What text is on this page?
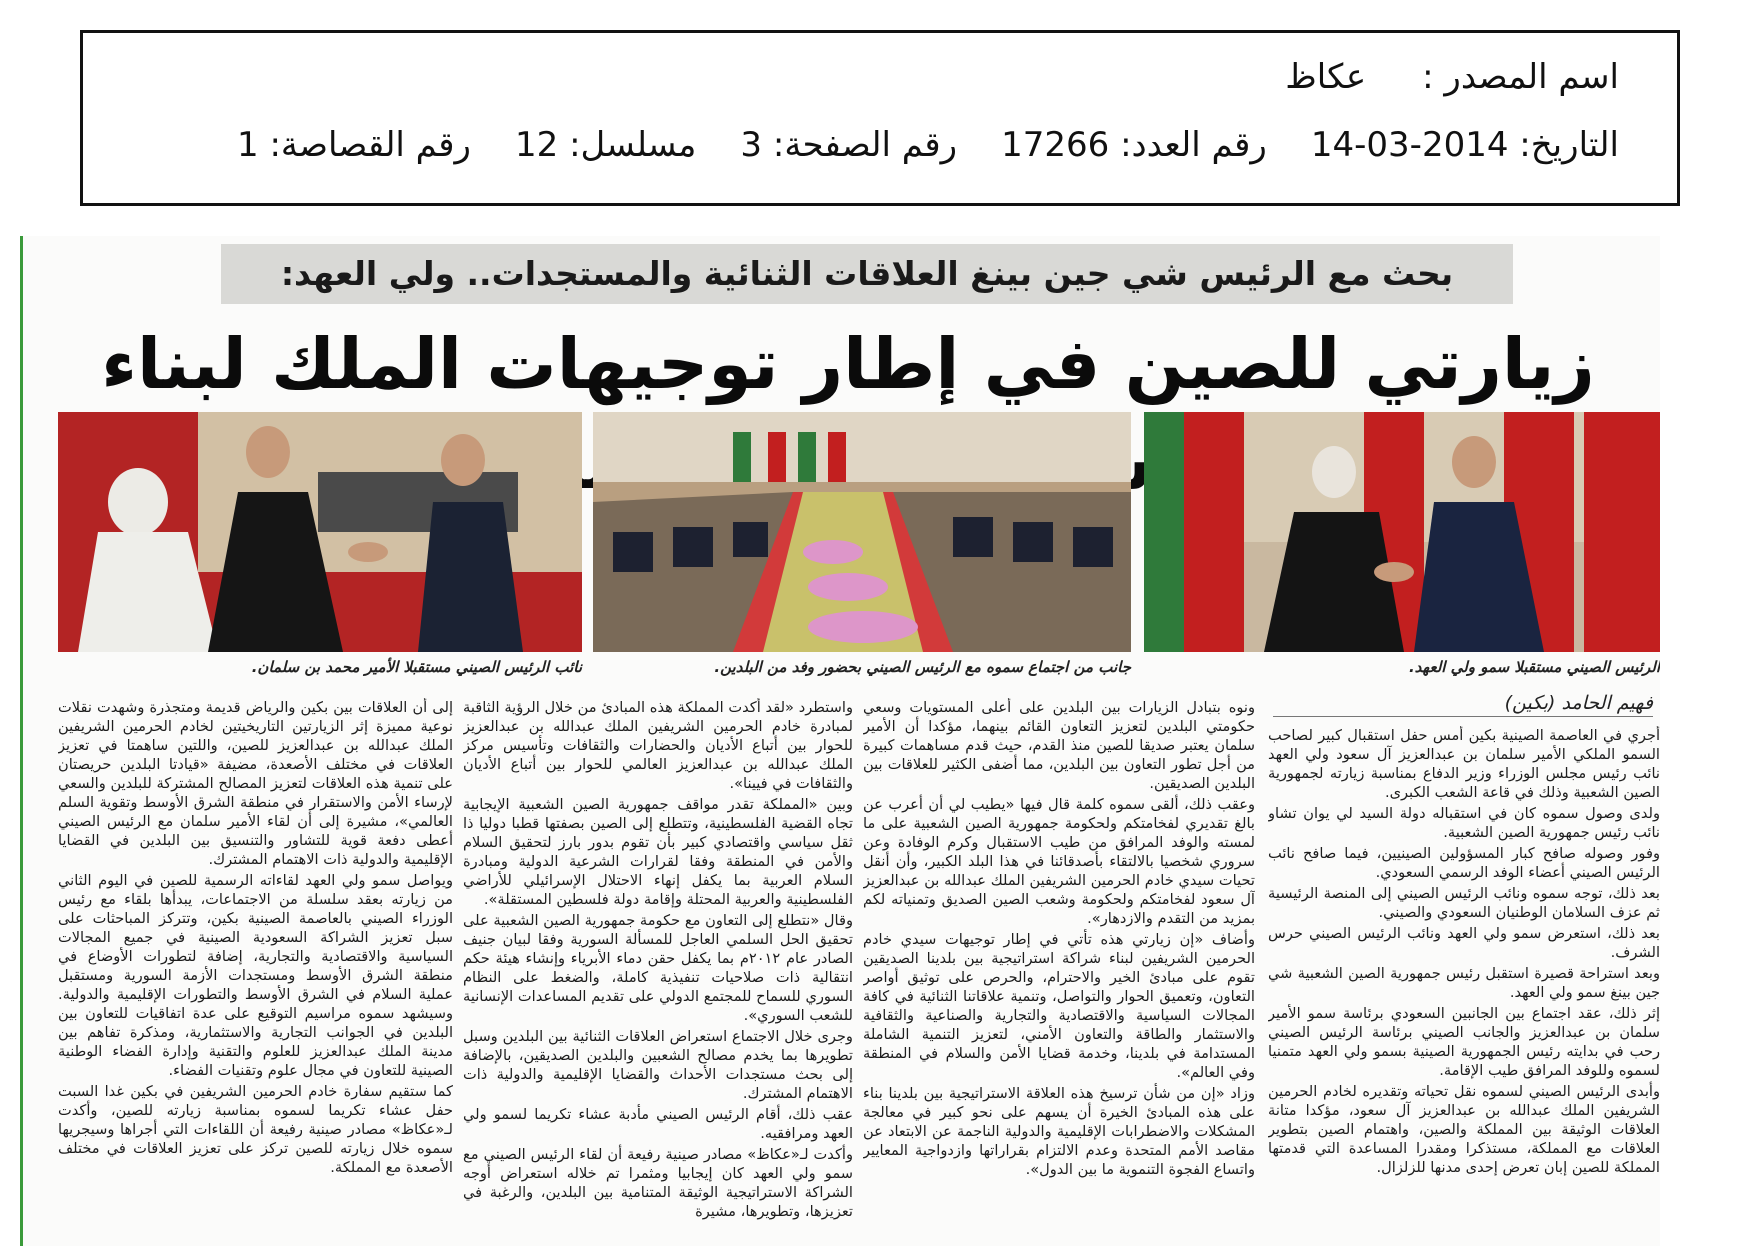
اسم المصدر :عكاظ
التاريخ: 2014-03-14رقم العدد: 17266رقم الصفحة: 3مسلسل: 12رقم القصاصة: 1
بحث مع الرئيس شي جين بينغ العلاقات الثنائية والمستجدات.. ولي العهد:
زيارتي للصين في إطار توجيهات الملك لبناء
الرئيس الصيني مستقبلا سمو ولي العهد.
جانب من اجتماع سموه مع الرئيس الصيني بحضور وفد من البلدين.
نائب الرئيس الصيني مستقبلا الأمير محمد بن سلمان.
فهيم الحامد (بكين)

أجري في العاصمة الصينية بكين أمس حفل استقبال كبير لصاحب السمو الملكي الأمير سلمان بن عبدالعزيز آل سعود ولي العهد نائب رئيس مجلس الوزراء وزير الدفاع بمناسبة زيارته لجمهورية الصين الشعبية وذلك في قاعة الشعب الكبرى.

ولدى وصول سموه كان في استقباله دولة السيد لي يوان تشاو نائب رئيس جمهورية الصين الشعبية.

وفور وصوله صافح كبار المسؤولين الصينيين، فيما صافح نائب الرئيس الصيني أعضاء الوفد الرسمي السعودي.

بعد ذلك، توجه سموه ونائب الرئيس الصيني إلى المنصة الرئيسية ثم عزف السلامان الوطنيان السعودي والصيني.

بعد ذلك، استعرض سمو ولي العهد ونائب الرئيس الصيني حرس الشرف.

وبعد استراحة قصيرة استقبل رئيس جمهورية الصين الشعبية شي جين بينغ سمو ولي العهد.

إثر ذلك، عقد اجتماع بين الجانبين السعودي برئاسة سمو الأمير سلمان بن عبدالعزيز والجانب الصيني برئاسة الرئيس الصيني رحب في بدايته رئيس الجمهورية الصينية بسمو ولي العهد متمنيا لسموه وللوفد المرافق طيب الإقامة.

وأبدى الرئيس الصيني لسموه نقل تحياته وتقديره لخادم الحرمين الشريفين الملك عبدالله بن عبدالعزيز آل سعود، مؤكدا متانة العلاقات الوثيقة بين المملكة والصين، واهتمام الصين بتطوير العلاقات مع المملكة، مستذكرا ومقدرا المساعدة التي قدمتها المملكة للصين إبان تعرض إحدى مدنها للزلزال.

ونوه بتبادل الزيارات بين البلدين على أعلى المستويات وسعي حكومتي البلدين لتعزيز التعاون القائم بينهما، مؤكدا أن الأمير سلمان يعتبر صديقا للصين منذ القدم، حيث قدم مساهمات كبيرة من أجل تطور التعاون بين البلدين، مما أضفى الكثير للعلاقات بين البلدين الصديقين.

وعقب ذلك، ألقى سموه كلمة قال فيها «يطيب لي أن أعرب عن بالغ تقديري لفخامتكم ولحكومة جمهورية الصين الشعبية على ما لمسته والوفد المرافق من طيب الاستقبال وكرم الوفادة وعن سروري شخصيا بالالتقاء بأصدقائنا في هذا البلد الكبير، وأن أنقل تحيات سيدي خادم الحرمين الشريفين الملك عبدالله بن عبدالعزيز آل سعود لفخامتكم ولحكومة وشعب الصين الصديق وتمنياته لكم بمزيد من التقدم والازدهار».

وأضاف «إن زيارتي هذه تأتي في إطار توجيهات سيدي خادم الحرمين الشريفين لبناء شراكة استراتيجية بين بلدينا الصديقين تقوم على مبادئ الخير والاحترام، والحرص على توثيق أواصر التعاون، وتعميق الحوار والتواصل، وتنمية علاقاتنا الثنائية في كافة المجالات السياسية والاقتصادية والتجارية والصناعية والثقافية والاستثمار والطاقة والتعاون الأمني، لتعزيز التنمية الشاملة المستدامة في بلدينا، وخدمة قضايا الأمن والسلام في المنطقة وفي العالم».

وزاد «إن من شأن ترسيخ هذه العلاقة الاستراتيجية بين بلدينا بناء على هذه المبادئ الخيرة أن يسهم على نحو كبير في معالجة المشكلات والاضطرابات الإقليمية والدولية الناجمة عن الابتعاد عن مقاصد الأمم المتحدة وعدم الالتزام بقراراتها وازدواجية المعايير واتساع الفجوة التنموية ما بين الدول».

واستطرد «لقد أكدت المملكة هذه المبادئ من خلال الرؤية الثاقبة لمبادرة خادم الحرمين الشريفين الملك عبدالله بن عبدالعزيز للحوار بين أتباع الأديان والحضارات والثقافات وتأسيس مركز الملك عبدالله بن عبدالعزيز العالمي للحوار بين أتباع الأديان والثقافات في فيينا».

وبين «المملكة تقدر مواقف جمهورية الصين الشعبية الإيجابية تجاه القضية الفلسطينية، وتتطلع إلى الصين بصفتها قطبا دوليا ذا ثقل سياسي واقتصادي كبير بأن تقوم بدور بارز لتحقيق السلام والأمن في المنطقة وفقا لقرارات الشرعية الدولية ومبادرة السلام العربية بما يكفل إنهاء الاحتلال الإسرائيلي للأراضي الفلسطينية والعربية المحتلة وإقامة دولة فلسطين المستقلة».

وقال «نتطلع إلى التعاون مع حكومة جمهورية الصين الشعبية على تحقيق الحل السلمي العاجل للمسألة السورية وفقا لبيان جنيف الصادر عام ٢٠١٢م بما يكفل حقن دماء الأبرياء وإنشاء هيئة حكم انتقالية ذات صلاحيات تنفيذية كاملة، والضغط على النظام السوري للسماح للمجتمع الدولي على تقديم المساعدات الإنسانية للشعب السوري».

وجرى خلال الاجتماع استعراض العلاقات الثنائية بين البلدين وسبل تطويرها بما يخدم مصالح الشعبين والبلدين الصديقين، بالإضافة إلى بحث مستجدات الأحداث والقضايا الإقليمية والدولية ذات الاهتمام المشترك.

عقب ذلك، أقام الرئيس الصيني مأدبة عشاء تكريما لسمو ولي العهد ومرافقيه.

وأكدت لـ«عكاظ» مصادر صينية رفيعة أن لقاء الرئيس الصيني مع سمو ولي العهد كان إيجابيا ومثمرا تم خلاله استعراض أوجه الشراكة الاستراتيجية الوثيقة المتنامية بين البلدين، والرغبة في تعزيزها، وتطويرها، مشيرة

إلى أن العلاقات بين بكين والرياض قديمة ومتجذرة وشهدت نقلات نوعية مميزة إثر الزيارتين التاريخيتين لخادم الحرمين الشريفين الملك عبدالله بن عبدالعزيز للصين، واللتين ساهمتا في تعزيز العلاقات في مختلف الأصعدة، مضيفة «قيادتا البلدين حريصتان على تنمية هذه العلاقات لتعزيز المصالح المشتركة للبلدين والسعي لإرساء الأمن والاستقرار في منطقة الشرق الأوسط وتقوية السلم العالمي»، مشيرة إلى أن لقاء الأمير سلمان مع الرئيس الصيني أعطى دفعة قوية للتشاور والتنسيق بين البلدين في القضايا الإقليمية والدولية ذات الاهتمام المشترك.

ويواصل سمو ولي العهد لقاءاته الرسمية للصين في اليوم الثاني من زيارته بعقد سلسلة من الاجتماعات، يبدأها بلقاء مع رئيس الوزراء الصيني بالعاصمة الصينية بكين، وتتركز المباحثات على سبل تعزيز الشراكة السعودية الصينية في جميع المجالات السياسية والاقتصادية والتجارية، إضافة لتطورات الأوضاع في منطقة الشرق الأوسط ومستجدات الأزمة السورية ومستقبل عملية السلام في الشرق الأوسط والتطورات الإقليمية والدولية. وسيشهد سموه مراسيم التوقيع على عدة اتفاقيات للتعاون بين البلدين في الجوانب التجارية والاستثمارية، ومذكرة تفاهم بين مدينة الملك عبدالعزيز للعلوم والتقنية وإدارة الفضاء الوطنية الصينية للتعاون في مجال علوم وتقنيات الفضاء.

كما ستقيم سفارة خادم الحرمين الشريفين في بكين غدا السبت حفل عشاء تكريما لسموه بمناسبة زيارته للصين، وأكدت لـ«عكاظ» مصادر صينية رفيعة أن اللقاءات التي أجراها وسيجريها سموه خلال زيارته للصين تركز على تعزيز العلاقات في مختلف الأصعدة مع المملكة.
